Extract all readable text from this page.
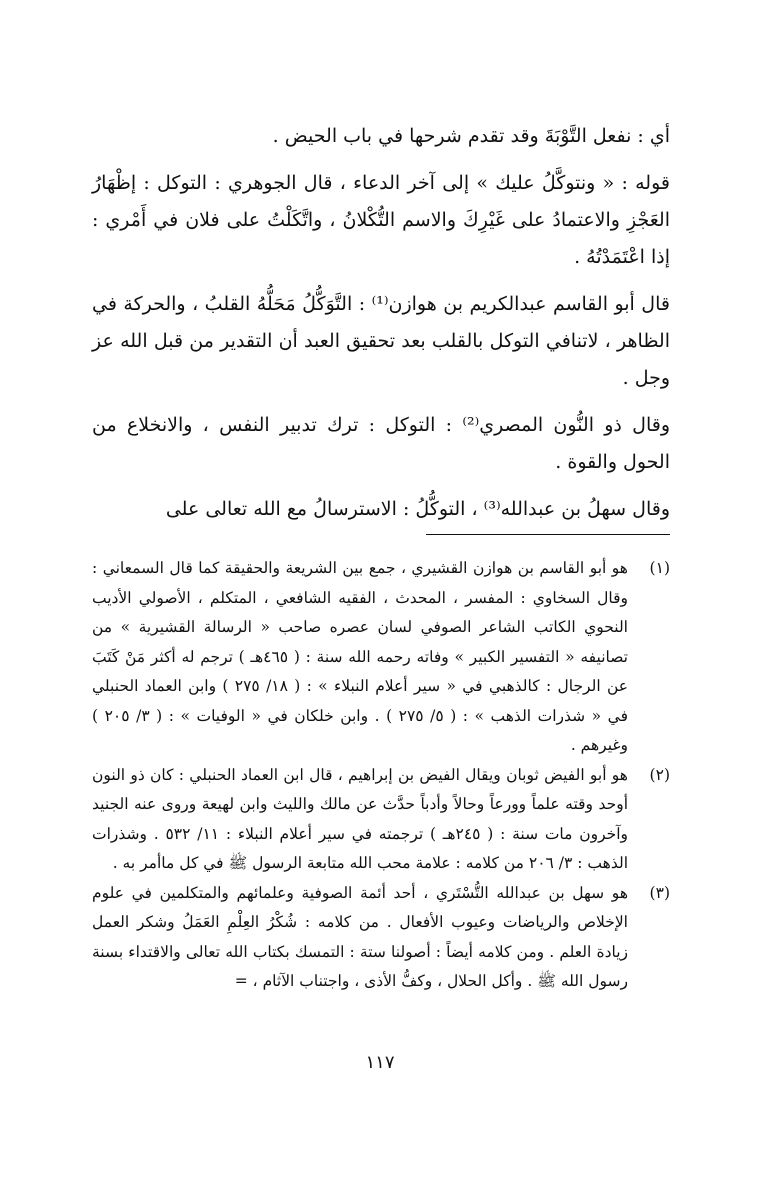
أي : نفعل التَّوْبَةَ وقد تقدم شرحها في باب الحيض .

قوله : « ونتوكَّلُ عليك » إلى آخر الدعاء ، قال الجوهري : التوكل : إظْهَارُ العَجْزِ والاعتمادُ على غَيْرِكَ والاسم التُّكْلانُ ، واتَّكَلْتُ على فلان في أَمْري : إذا اعْتَمَدْتُهُ .

قال أبو القاسم عبدالكريم بن هوازن⁽¹⁾ : التَّوَكُّلُ مَحَلُّهُ القلبُ ، والحركة في الظاهر ، لاتنافي التوكل بالقلب بعد تحقيق العبد أن التقدير من قبل الله عز وجل .

وقال ذو النُّون المصري⁽²⁾ : التوكل : ترك تدبير النفس ، والانخلاع من الحول والقوة .

وقال سهلُ بن عبدالله⁽³⁾ ، التوكُّلُ : الاسترسالُ مع الله تعالى على

(١)
هو أبو القاسم بن هوازن القشيري ، جمع بين الشريعة والحقيقة كما قال السمعاني : وقال السخاوي : المفسر ، المحدث ، الفقيه الشافعي ، المتكلم ، الأصولي الأديب النحوي الكاتب الشاعر الصوفي لسان عصره صاحب « الرسالة القشيرية » من تصانيفه « التفسير الكبير » وفاته رحمه الله سنة : ( ٤٦٥هـ ) ترجم له أكثر مَنْ كَتَبَ عن الرجال : كالذهبي في « سير أعلام النبلاء » : ( ١٨/ ٢٧٥ ) وابن العماد الحنبلي في « شذرات الذهب » : ( ٥/ ٢٧٥ ) . وابن خلكان في « الوفيات » : ( ٣/ ٢٠٥ ) وغيرهم .
(٢)
هو أبو الفيض ثوبان ويقال الفيض بن إبراهيم ، قال ابن العماد الحنبلي : كان ذو النون أوحد وقته علماً وورعاً وحالاً وأدباً حدَّث عن مالك والليث وابن لهيعة وروى عنه الجنيد وآخرون مات سنة : ( ٢٤٥هـ ) ترجمته في سير أعلام النبلاء : ١١/ ٥٣٢ . وشذرات الذهب : ٣/ ٢٠٦ من كلامه : علامة محب الله متابعة الرسول ﷺ في كل ماأمر به .
(٣)
هو سهل بن عبدالله التُّسْتَري ، أحد أئمة الصوفية وعلمائهم والمتكلمين في علوم الإخلاص والرياضات وعيوب الأفعال . من كلامه : شُكْرُ العِلْمِ العَمَلُ وشكر العمل زيادة العلم . ومن كلامه أيضاً : أصولنا ستة : التمسك بكتاب الله تعالى والاقتداء بسنة رسول الله ﷺ . وأكل الحلال ، وكفُّ الأذى ، واجتناب الآثام ، =
١١٧
